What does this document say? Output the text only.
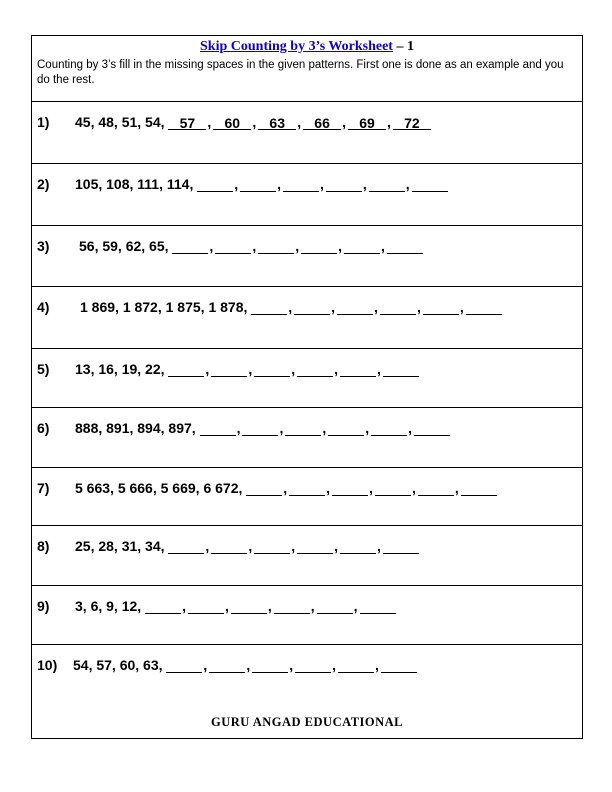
Skip Counting by 3’s Worksheet – 1
Counting by 3’s fill in the missing spaces in the given patterns. First one is done as an example and you do the rest.
1) 45, 48, 51, 54, 57 , 60 , 63 , 66 , 69 , 72
2) 105, 108, 111, 114,	,	,	,	,	,
3) 56, 59, 62, 65,	,	,	,	,	,
4) 1 869, 1 872, 1 875, 1 878,	,	,	,	,	,
5) 13, 16, 19, 22,	,	,	,	,	,
6) 888, 891, 894, 897,	,	,	,	,	,
7) 5 663, 5 666, 5 669, 6 672,	,	,	,	,	,
8) 25, 28, 31, 34,	,	,	,	,	,
9) 3, 6, 9, 12,	,	,	,	,	,
10) 54, 57, 60, 63,	,	,	,	,	,
GURU ANGAD EDUCATIONAL
